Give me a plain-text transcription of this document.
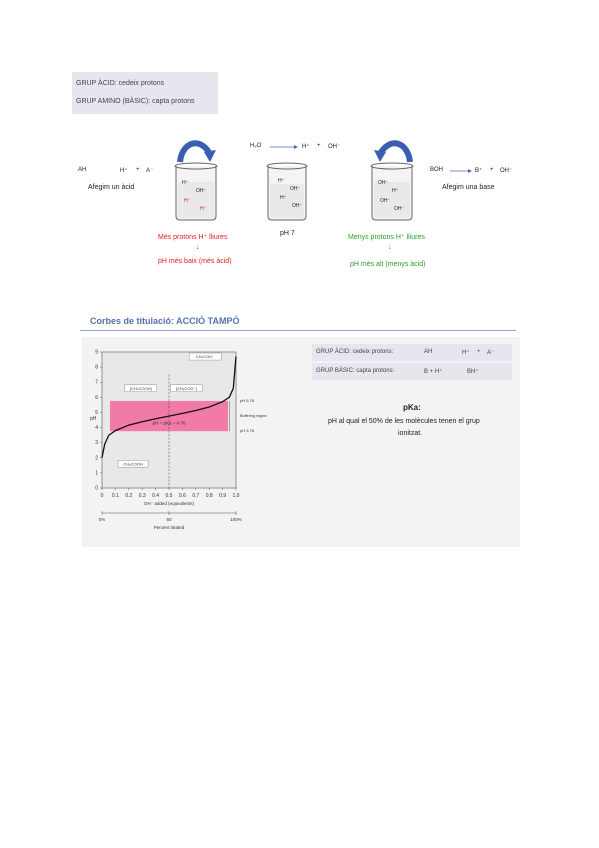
GRUP ÀCID: cedeix protons
GRUP AMINO (BÀSIC): capta protons
H₂O	H⁺ + OH⁻
AH	H⁺ + A⁻
Afegim un àcid
BOH	B⁺ + OH⁻
Afegim una base
H⁺
OH⁻
H⁺
H⁺
H⁺
OH⁻
H⁺
OH⁻
pH 7
OH⁻
H⁺
OH⁻
OH⁻
Més protons H⁺ lliures
↓
pH més baix (més àcid)
Menys protons H⁺ lliures
↓
pH més alt (menys àcid)
Corbes de titulació: ACCIÓ TAMPÓ
0 0.1 0.2 0.3 0.4 0.5 0.6 0.7 0.8 0.9 1.0
0
1
2
3
4
5
6
7
8
9
pH
OH⁻ added (equivalents)
CH₃COO⁻
[CH₃COOH]	[CH₃COO⁻]
pH = pKa = 4.76
CH₃COOH
pH 5.76
Buffering region
pH 3.76
0%	50	100%
Percent titrated
GRUP ÀCID: cedeix protons:	AH	H⁺ + A⁻
GRUP BÀSIC: capta protons:	B + H⁺	BH⁺
pKa:
pH al qual el 50% de les molècules tenen el grup
ionitzat.
